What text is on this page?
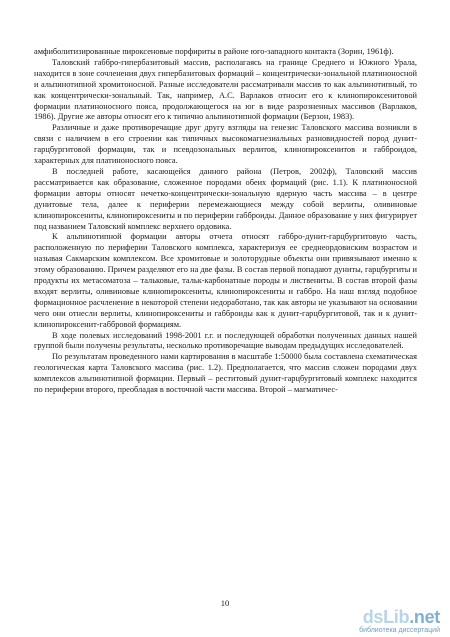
амфиболитизированные пироксеновые порфириты в районе юго-западного контакта (Зорин, 1961ф).

Таловский габбро-гипербазитовый массив, располагаясь на границе Среднего и Южного Урала, находится в зоне сочленения двух гипербазитовых формаций – концентрически-зональной платиноносной и альпинотипной хромитоносной. Разные исследователи рассматривали массив то как альпинотипный, то как концентрически-зональный. Так, например, А.С. Варлаков относит его к клинопироксенитовой формации платиноносного пояса, продолжающегося на юг в виде разрозненных массивов (Варлаков, 1986). Другие же авторы относят его к типично альпинотипной формации (Берзон, 1983).

Различные и даже противоречащие друг другу взгляды на генезис Таловского массива возникли в связи с наличием в его строении как типичных высокомагнезиальных разновидностей пород дунит-гарцбургитовой формации, так и псевдозональных верлитов, клинопироксенитов и габброидов, характерных для платиноносного пояса.

В последней работе, касающейся данного района (Петров, 2002ф), Таловский массив рассматривается как образование, сложенное породами обеих формаций (рис. 1.1). К платиноносной формации авторы относят нечетко-концентрически-зональную ядерную часть массива – в центре дунитовые тела, далее к периферии перемежающиеся между собой верлиты, оливиновые клинопироксениты, клинопироксениты и по периферии габброиды. Данное образование у них фигурирует под названием Таловский комплекс верхнего ордовика.

К альпинотипной формации авторы отчета относят габбро-дунит-гарцбургитовую часть, расположенную по периферии Таловского комплекса, характеризуя ее среднеордовиским возрастом и называя Сакмарским комплексом. Все хромитовые и золоторудные объекты они привязывают именно к этому образованию. Причем разделяют его на две фазы. В состав первой попадают дуниты, гарцбургиты и продукты их метасоматоза – тальковые, тальк-карбонатные породы и листвениты. В состав второй фазы входят верлиты, оливиновые клинопироксениты, клинопироксениты и габбро. На наш взгляд подобное формационное расчленение в некоторой степени недоработано, так как авторы не указывают на основании чего они отнесли верлиты, клинопироксениты и габброиды как к дунит-гарцбургитовой, так и к дунит-клинопироксенит-габбровой формациям.

В ходе полевых исследований 1998-2001 г.г. и последующей обработки полученных данных нашей группой были получены результаты, несколько противоречащие выводам предыдущих исследователей.

По результатам проведенного нами картирования в масштабе 1:50000 была составлена схематическая геологическая карта Таловского массива (рис. 1.2). Предполагается, что массив сложен породами двух комплексов альпинотипной формации. Первый – реститовый дунит-гарцбургитовый комплекс находится по периферии второго, преобладая в восточной части массива. Второй – магматичес-

10
dsLib.net
библиотека диссертаций
